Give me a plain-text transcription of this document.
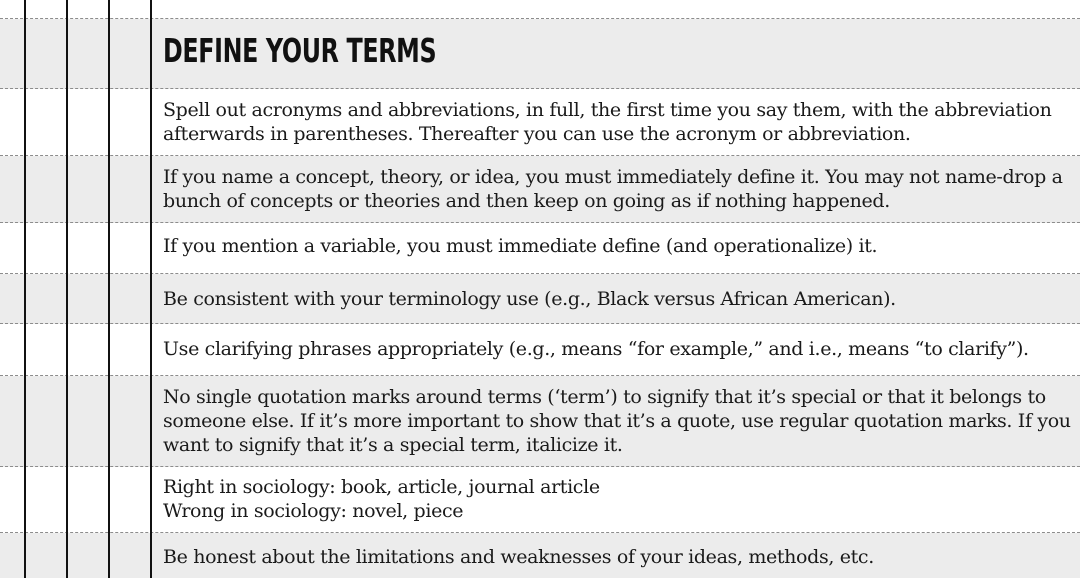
DEFINE YOUR TERMS
Spell out acronyms and abbreviations, in full, the first time you say them, with the abbreviation
afterwards in parentheses. Thereafter you can use the acronym or abbreviation.
If you name a concept, theory, or idea, you must immediately define it. You may not name-drop a
bunch of concepts or theories and then keep on going as if nothing happened.
If you mention a variable, you must immediate define (and operationalize) it.
Be consistent with your terminology use (e.g., Black versus African American).
Use clarifying phrases appropriately (e.g., means “for example,” and i.e., means “to clarify”).
No single quotation marks around terms (‘term’) to signify that it’s special or that it belongs to
someone else. If it’s more important to show that it’s a quote, use regular quotation marks. If you
want to signify that it’s a special term, italicize it.
Right in sociology: book, article, journal article
Wrong in sociology: novel, piece
Be honest about the limitations and weaknesses of your ideas, methods, etc.
